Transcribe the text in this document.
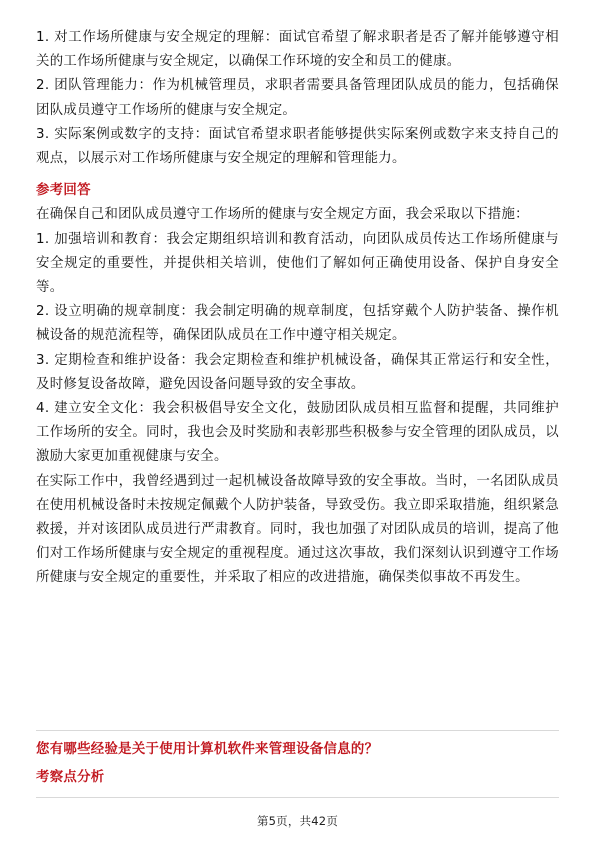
1. 对工作场所健康与安全规定的理解：面试官希望了解求职者是否了解并能够遵守相关的工作场所健康与安全规定，以确保工作环境的安全和员工的健康。

2. 团队管理能力：作为机械管理员，求职者需要具备管理团队成员的能力，包括确保团队成员遵守工作场所的健康与安全规定。

3. 实际案例或数字的支持：面试官希望求职者能够提供实际案例或数字来支持自己的观点，以展示对工作场所健康与安全规定的理解和管理能力。

参考回答

在确保自己和团队成员遵守工作场所的健康与安全规定方面，我会采取以下措施：

1. 加强培训和教育：我会定期组织培训和教育活动，向团队成员传达工作场所健康与安全规定的重要性，并提供相关培训，使他们了解如何正确使用设备、保护自身安全等。

2. 设立明确的规章制度：我会制定明确的规章制度，包括穿戴个人防护装备、操作机械设备的规范流程等，确保团队成员在工作中遵守相关规定。

3. 定期检查和维护设备：我会定期检查和维护机械设备，确保其正常运行和安全性，及时修复设备故障，避免因设备问题导致的安全事故。

4. 建立安全文化：我会积极倡导安全文化，鼓励团队成员相互监督和提醒，共同维护工作场所的安全。同时，我也会及时奖励和表彰那些积极参与安全管理的团队成员，以激励大家更加重视健康与安全。

在实际工作中，我曾经遇到过一起机械设备故障导致的安全事故。当时，一名团队成员在使用机械设备时未按规定佩戴个人防护装备，导致受伤。我立即采取措施，组织紧急救援，并对该团队成员进行严肃教育。同时，我也加强了对团队成员的培训，提高了他们对工作场所健康与安全规定的重视程度。通过这次事故，我们深刻认识到遵守工作场所健康与安全规定的重要性，并采取了相应的改进措施，确保类似事故不再发生。

您有哪些经验是关于使用计算机软件来管理设备信息的？

考察点分析

第5页，共42页
